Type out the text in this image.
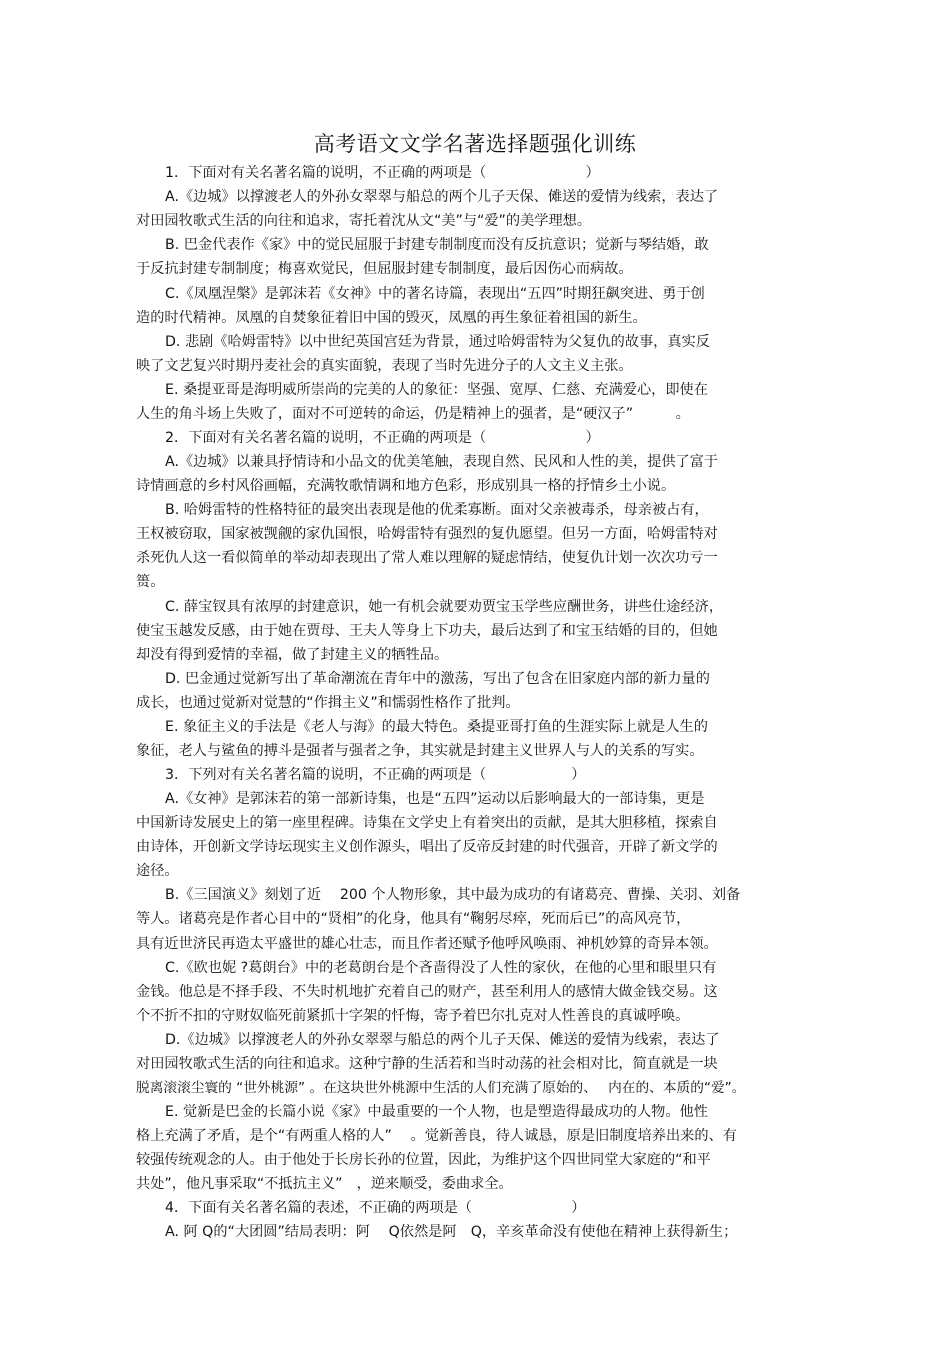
高考语文文学名著选择题强化训练
1．下面对有关名著名篇的说明，不正确的两项是（　　　　　　　）
A.《边城》以撑渡老人的外孙女翠翠与船总的两个儿子天保、傩送的爱情为线索，表达了
对田园牧歌式生活的向往和追求，寄托着沈从文“美”与“爱”的美学理想。
B. 巴金代表作《家》中的觉民屈服于封建专制制度而没有反抗意识；觉新与琴结婚，敢
于反抗封建专制制度；梅喜欢觉民，但屈服封建专制制度，最后因伤心而病故。
C.《凤凰涅槃》是郭沫若《女神》中的著名诗篇，表现出“五四”时期狂飙突进、勇于创
造的时代精神。凤凰的自焚象征着旧中国的毁灭，凤凰的再生象征着祖国的新生。
D. 悲剧《哈姆雷特》以中世纪英国宫廷为背景，通过哈姆雷特为父复仇的故事，真实反
映了文艺复兴时期丹麦社会的真实面貌，表现了当时先进分子的人文主义主张。
E. 桑提亚哥是海明威所崇尚的完美的人的象征：坚强、宽厚、仁慈、充满爱心，即使在
人生的角斗场上失败了，面对不可逆转的命运，仍是精神上的强者，是“硬汉子”　　　。
2．下面对有关名著名篇的说明，不正确的两项是（　　　　　　　）
A.《边城》以兼具抒情诗和小品文的优美笔触，表现自然、民风和人性的美，提供了富于
诗情画意的乡村风俗画幅，充满牧歌情调和地方色彩，形成别具一格的抒情乡土小说。
B. 哈姆雷特的性格特征的最突出表现是他的优柔寡断。面对父亲被毒杀，母亲被占有，
王权被窃取，国家被觊觎的家仇国恨，哈姆雷特有强烈的复仇愿望。但另一方面，哈姆雷特对
杀死仇人这一看似简单的举动却表现出了常人难以理解的疑虑情结，使复仇计划一次次功亏一
篑。
C. 薛宝钗具有浓厚的封建意识，她一有机会就要劝贾宝玉学些应酬世务，讲些仕途经济，
使宝玉越发反感，由于她在贾母、王夫人等身上下功夫，最后达到了和宝玉结婚的目的，但她
却没有得到爱情的幸福，做了封建主义的牺牲品。
D. 巴金通过觉新写出了革命潮流在青年中的激荡，写出了包含在旧家庭内部的新力量的
成长，也通过觉新对觉慧的“作揖主义”和懦弱性格作了批判。
E. 象征主义的手法是《老人与海》的最大特色。桑提亚哥打鱼的生涯实际上就是人生的
象征，老人与鲨鱼的搏斗是强者与强者之争，其实就是封建主义世界人与人的关系的写实。
3．下列对有关名著名篇的说明，不正确的两项是（　　　　　　）
A.《女神》是郭沫若的第一部新诗集，也是“五四”运动以后影响最大的一部诗集，更是
中国新诗发展史上的第一座里程碑。诗集在文学史上有着突出的贡献，是其大胆移植，探索自
由诗体，开创新文学诗坛现实主义创作源头，唱出了反帝反封建的时代强音，开辟了新文学的
途径。
B.《三国演义》刻划了近　 200 个人物形象，其中最为成功的有诸葛亮、曹操、关羽、刘备
等人。诸葛亮是作者心目中的“贤相”的化身，他具有“鞠躬尽瘁，死而后已”的高风亮节，
具有近世济民再造太平盛世的雄心壮志，而且作者还赋予他呼风唤雨、神机妙算的奇异本领。
C.《欧也妮 ?葛朗台》中的老葛朗台是个吝啬得没了人性的家伙，在他的心里和眼里只有
金钱。他总是不择手段、不失时机地扩充着自己的财产，甚至利用人的感情大做金钱交易。这
个不折不扣的守财奴临死前紧抓十字架的忏悔，寄予着巴尔扎克对人性善良的真诚呼唤。
D.《边城》以撑渡老人的外孙女翠翠与船总的两个儿子天保、傩送的爱情为线索，表达了
对田园牧歌式生活的向往和追求。这种宁静的生活若和当时动荡的社会相对比，简直就是一块
脱离滚滚尘寰的 “世外桃源” 。在这块世外桃源中生活的人们充满了原始的、　 内在的、本质的“爱”。
E. 觉新是巴金的长篇小说《家》中最重要的一个人物，也是塑造得最成功的人物。他性
格上充满了矛盾，是个“有两重人格的人”　 。觉新善良，待人诚恳，原是旧制度培养出来的、有
较强传统观念的人。由于他处于长房长孙的位置，因此，为维护这个四世同堂大家庭的“和平
共处”，他凡事采取“不抵抗主义”　，逆来顺受，委曲求全。
4．下面有关名著名篇的表述，不正确的两项是（　　　　　　　）
A. 阿 Q的“大团圆”结局表明：阿　 Q依然是阿　Q，辛亥革命没有使他在精神上获得新生；
